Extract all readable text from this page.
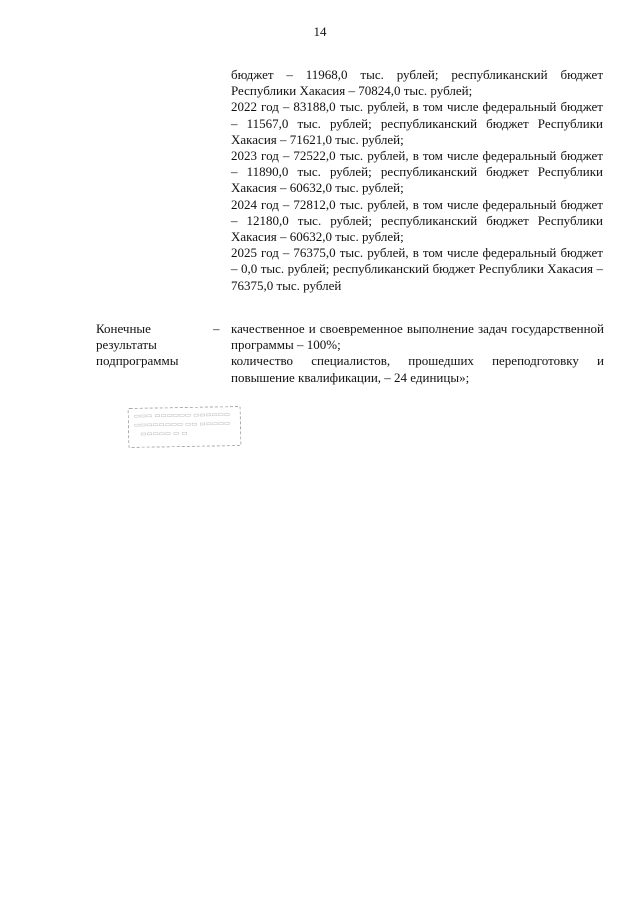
14

бюджет – 11968,0 тыс. рублей; республиканский бюджет Республики Хакасия – 70824,0 тыс. рублей;

2022 год – 83188,0 тыс. рублей, в том числе федеральный бюджет – 11567,0 тыс. рублей; республиканский бюджет Республики Хакасия – 71621,0 тыс. рублей;

2023 год – 72522,0 тыс. рублей, в том числе федеральный бюджет – 11890,0 тыс. рублей; республиканский бюджет Республики Хакасия – 60632,0 тыс. рублей;

2024 год – 72812,0 тыс. рублей, в том числе федеральный бюджет – 12180,0 тыс. рублей; республиканский бюджет Республики Хакасия – 60632,0 тыс. рублей;

2025 год – 76375,0 тыс. рублей, в том числе федеральный бюджет – 0,0 тыс. рублей; республиканский бюджет Республики Хакасия – 76375,0 тыс. рублей

Конечные
результаты
подпрограммы
– качественное и своевременное выполнение задач государственной программы – 100%;

количество специалистов, прошедших переподготовку и повышение квалификации, – 24 единицы»;

▭▭▭ ▭▭▭▭▭▭ ▭▭▭▭▭▭
▭▭▭▭▭▭▭▭ ▭▭ ▭▭▭▭▭
▭▭▭▭▭ ▭ ▭
